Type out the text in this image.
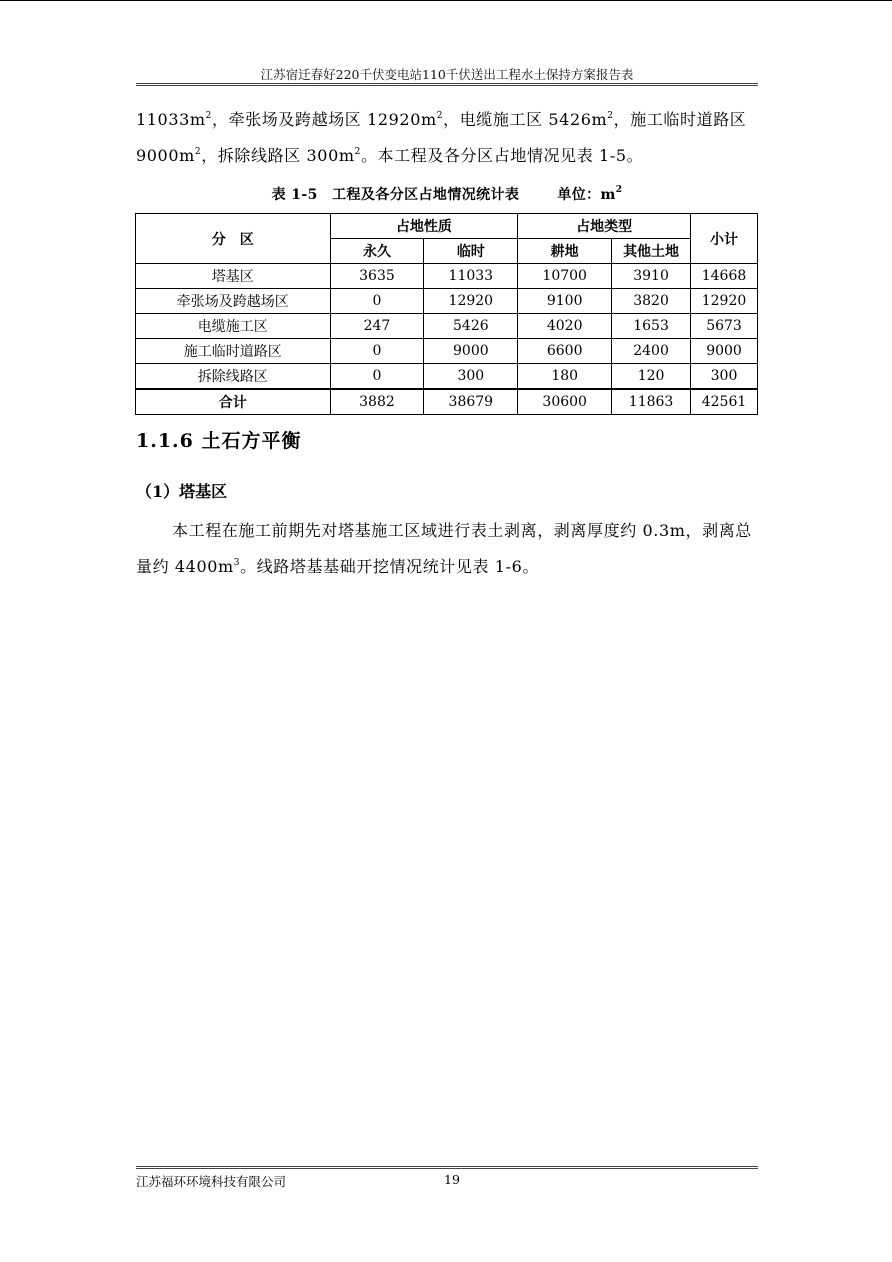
江苏宿迁春好220千伏变电站110千伏送出工程水土保持方案报告表
$11033m^2$，牵张场及跨越场区 $12920m^2$，电缆施工区 $5426m^2$，施工临时道路区
$9000m^2$，拆除线路区 $300m^2$。本工程及各分区占地情况见表 1-5。
表 1-5　工程及各分区占地情况统计表	单位：$m^2$
分　区	占地性质		占地类型		小计
	永久	临时	耕地	其他土地	
塔基区	3635	11033	10700	3910	14668
牵张场及跨越场区	0	12920	9100	3820	12920
电缆施工区	247	5426	4020	1653	5673
施工临时道路区	0	9000	6600	2400	9000
拆除线路区	0	300	180	120	300
合计	3882	38679	30600	11863	42561
1.1.6 土石方平衡
（1）塔基区
本工程在施工前期先对塔基施工区域进行表土剥离，剥离厚度约 0.3m，剥离总量约 $4400m^3$。线路塔基基础开挖情况统计见表 1-6。
江苏福环环境科技有限公司	19
